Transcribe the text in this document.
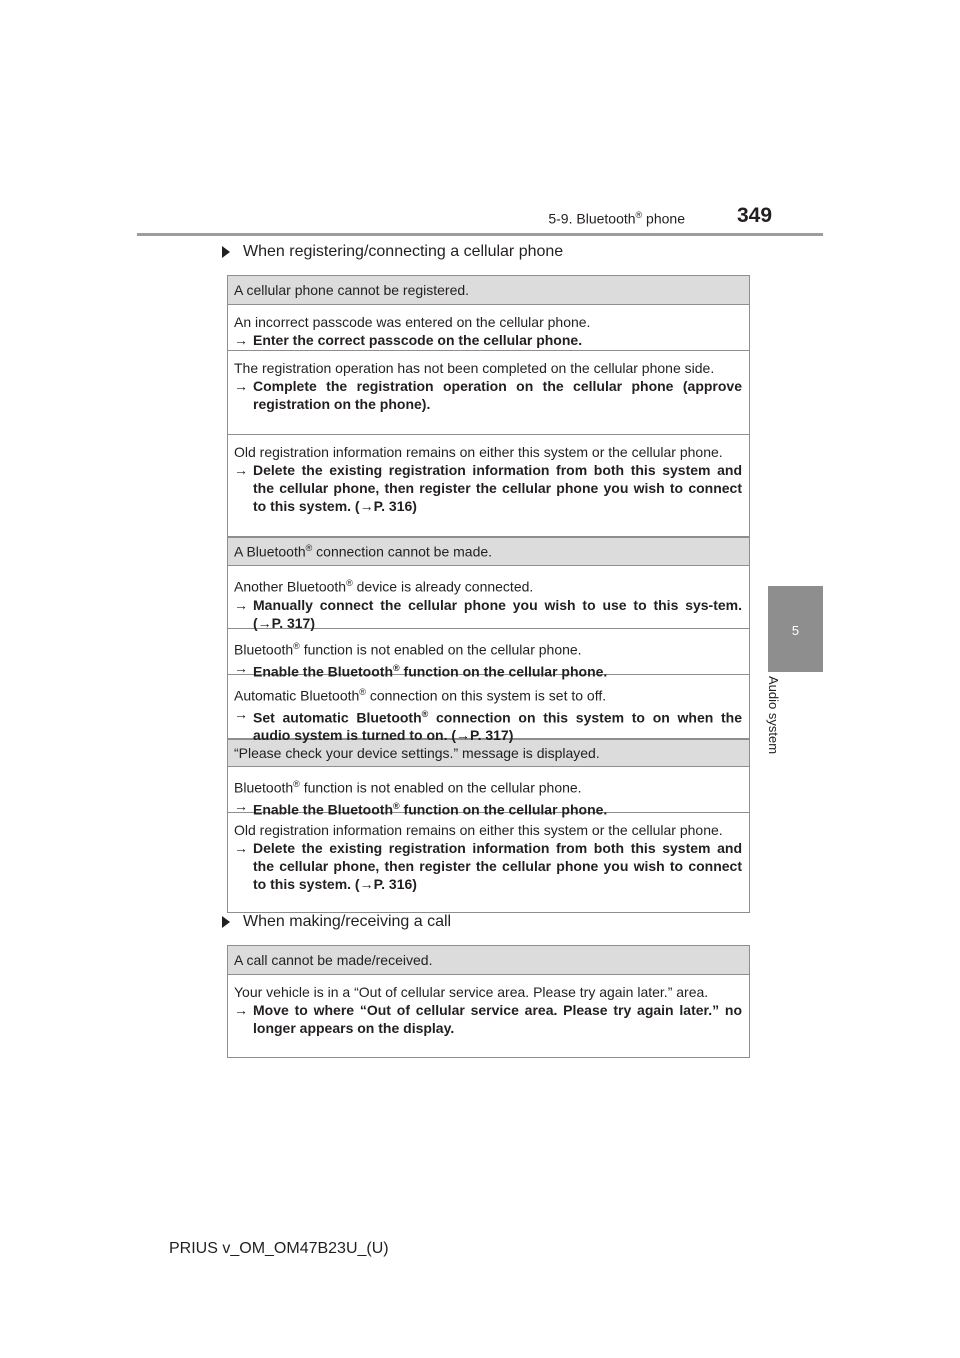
5-9. Bluetooth® phone 349
5
Audio system
When registering/connecting a cellular phone
A cellular phone cannot be registered.
An incorrect passcode was entered on the cellular phone.
→ Enter the correct passcode on the cellular phone.
The registration operation has not been completed on the cellular phone side.
→ Complete the registration operation on the cellular phone (approve registration on the phone).
Old registration information remains on either this system or the cellular phone.
→ Delete the existing registration information from both this system and the cellular phone, then register the cellular phone you wish to connect to this system. (→P. 316)
A Bluetooth® connection cannot be made.
Another Bluetooth® device is already connected.
→ Manually connect the cellular phone you wish to use to this sys-tem. (→P. 317)
Bluetooth® function is not enabled on the cellular phone.
→ Enable the Bluetooth® function on the cellular phone.
Automatic Bluetooth® connection on this system is set to off.
→ Set automatic Bluetooth® connection on this system to on when the audio system is turned to on. (→P. 317)
“Please check your device settings.” message is displayed.
Bluetooth® function is not enabled on the cellular phone.
→ Enable the Bluetooth® function on the cellular phone.
Old registration information remains on either this system or the cellular phone.
→ Delete the existing registration information from both this system and the cellular phone, then register the cellular phone you wish to connect to this system. (→P. 316)
When making/receiving a call
A call cannot be made/received.
Your vehicle is in a “Out of cellular service area. Please try again later.” area.
→ Move to where “Out of cellular service area. Please try again later.” no longer appears on the display.
PRIUS v_OM_OM47B23U_(U)
